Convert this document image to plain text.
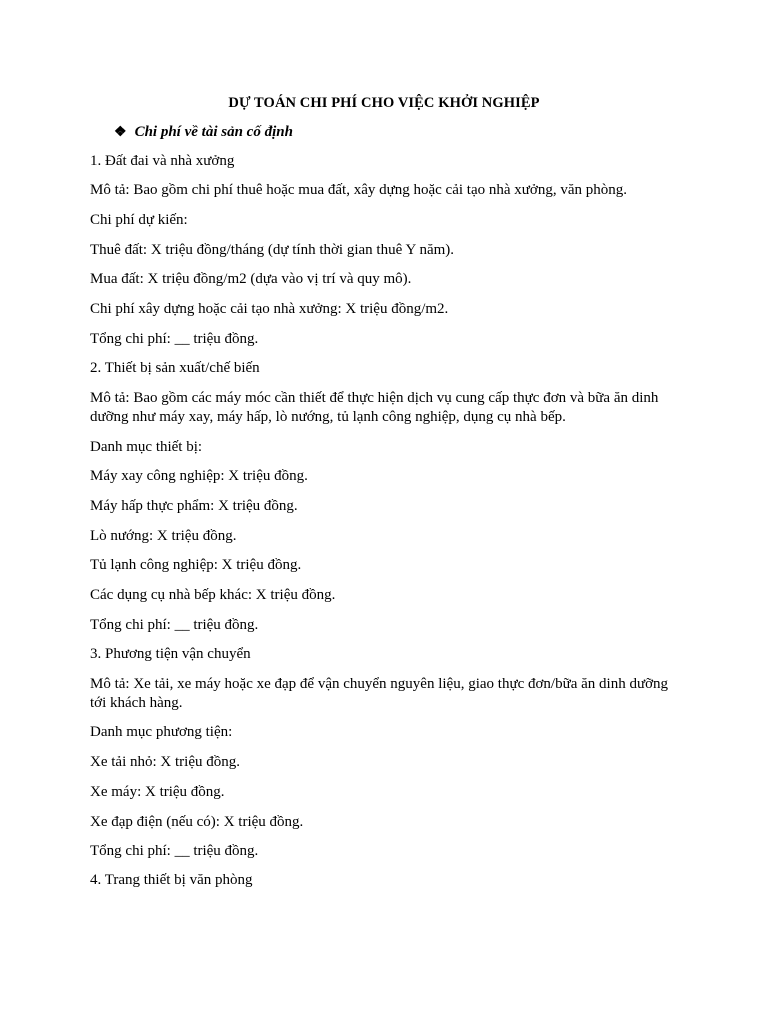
DỰ TOÁN CHI PHÍ CHO VIỆC KHỞI NGHIỆP
❖ Chi phí về tài sản cố định
1. Đất đai và nhà xưởng
Mô tả: Bao gồm chi phí thuê hoặc mua đất, xây dựng hoặc cải tạo nhà xưởng, văn phòng.
Chi phí dự kiến:
Thuê đất: X triệu đồng/tháng (dự tính thời gian thuê Y năm).
Mua đất: X triệu đồng/m2 (dựa vào vị trí và quy mô).
Chi phí xây dựng hoặc cải tạo nhà xưởng: X triệu đồng/m2.
Tổng chi phí: __ triệu đồng.
2. Thiết bị sản xuất/chế biến
Mô tả: Bao gồm các máy móc cần thiết để thực hiện dịch vụ cung cấp thực đơn và bữa ăn dinh dưỡng như máy xay, máy hấp, lò nướng, tủ lạnh công nghiệp, dụng cụ nhà bếp.
Danh mục thiết bị:
Máy xay công nghiệp: X triệu đồng.
Máy hấp thực phẩm: X triệu đồng.
Lò nướng: X triệu đồng.
Tủ lạnh công nghiệp: X triệu đồng.
Các dụng cụ nhà bếp khác: X triệu đồng.
Tổng chi phí: __ triệu đồng.
3. Phương tiện vận chuyển
Mô tả: Xe tải, xe máy hoặc xe đạp để vận chuyển nguyên liệu, giao thực đơn/bữa ăn dinh dưỡng tới khách hàng.
Danh mục phương tiện:
Xe tải nhỏ: X triệu đồng.
Xe máy: X triệu đồng.
Xe đạp điện (nếu có): X triệu đồng.
Tổng chi phí: __ triệu đồng.
4. Trang thiết bị văn phòng
